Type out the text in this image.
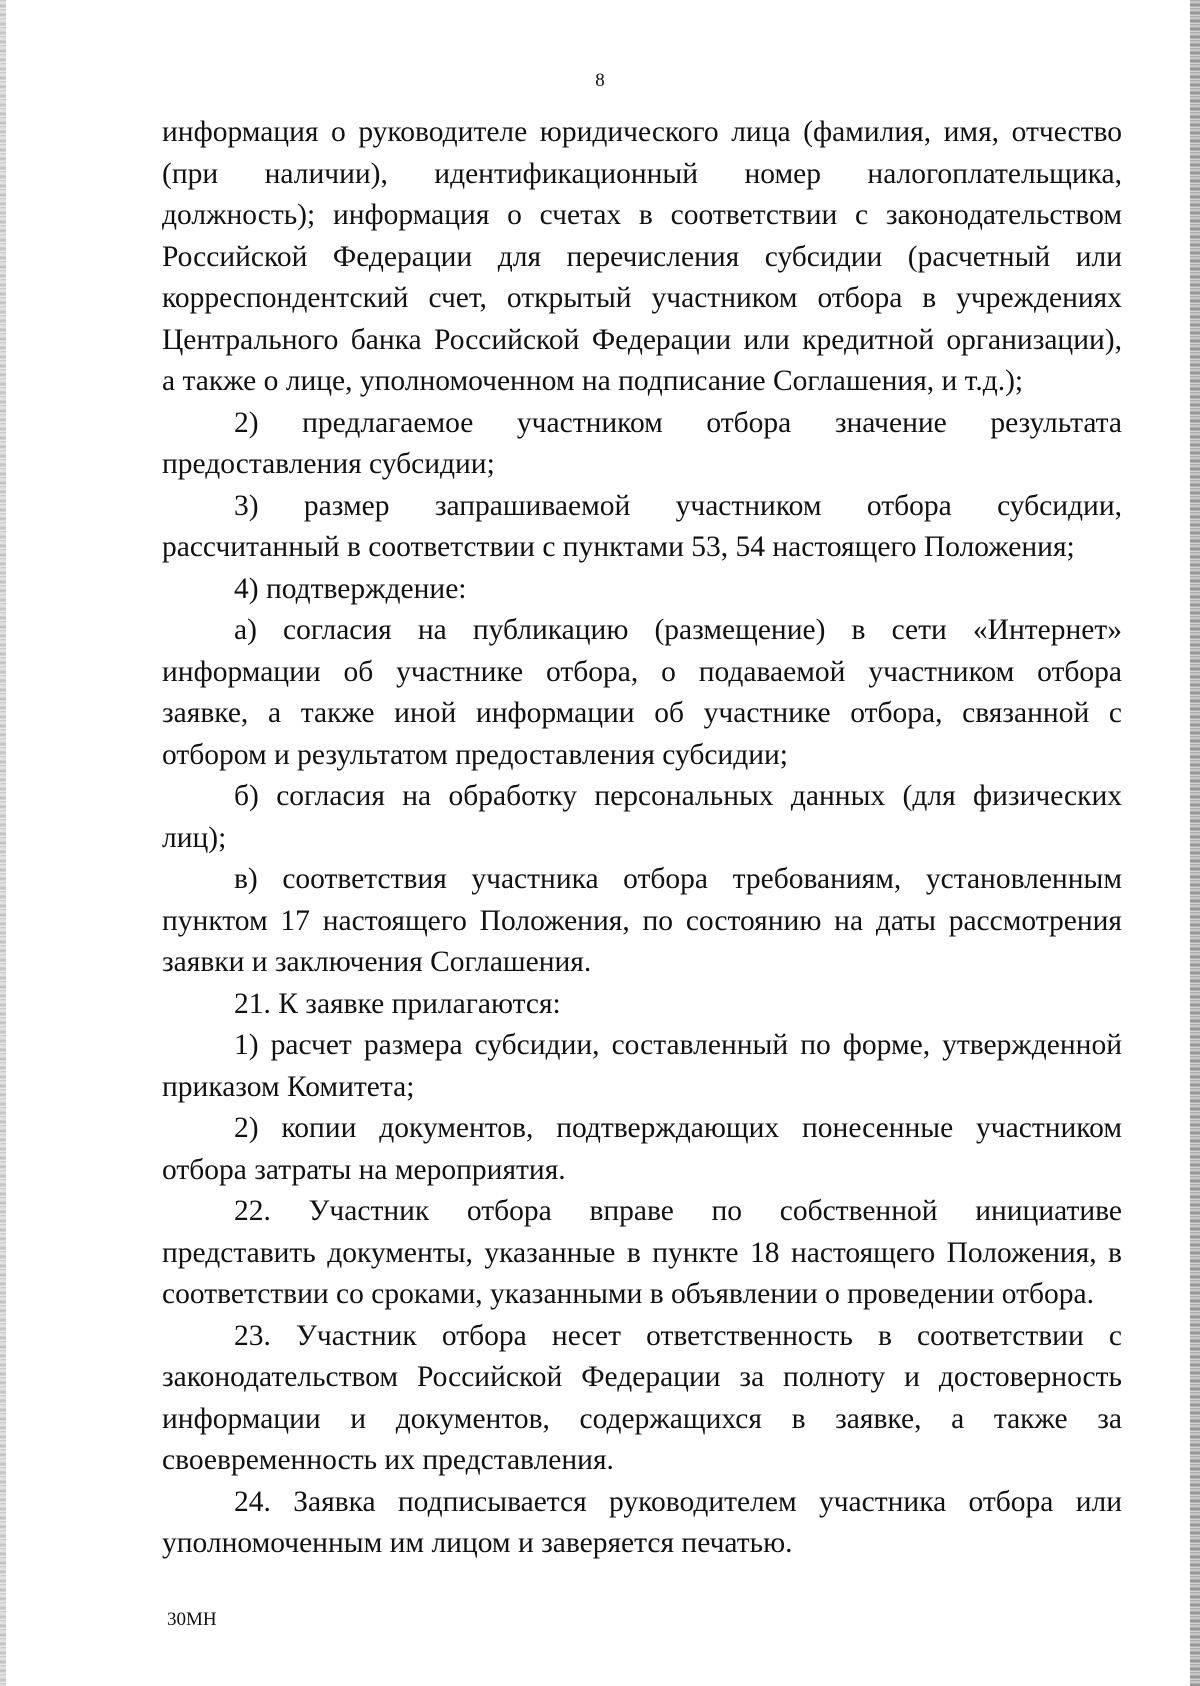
8
информация о руководителе юридического лица (фамилия, имя, отчество
(при наличии), идентификационный номер налогоплательщика,
должность); информация о счетах в соответствии с законодательством
Российской Федерации для перечисления субсидии (расчетный или
корреспондентский счет, открытый участником отбора в учреждениях
Центрального банка Российской Федерации или кредитной организации),
а также о лице, уполномоченном на подписание Соглашения, и т.д.);
2) предлагаемое участником отбора значение результата
предоставления субсидии;
3) размер запрашиваемой участником отбора субсидии,
рассчитанный в соответствии с пунктами 53, 54 настоящего Положения;
4) подтверждение:
а) согласия на публикацию (размещение) в сети «Интернет»
информации об участнике отбора, о подаваемой участником отбора
заявке, а также иной информации об участнике отбора, связанной с
отбором и результатом предоставления субсидии;
б) согласия на обработку персональных данных (для физических
лиц);
в) соответствия участника отбора требованиям, установленным
пунктом 17 настоящего Положения, по состоянию на даты рассмотрения
заявки и заключения Соглашения.
21. К заявке прилагаются:
1) расчет размера субсидии, составленный по форме, утвержденной
приказом Комитета;
2) копии документов, подтверждающих понесенные участником
отбора затраты на мероприятия.
22. Участник отбора вправе по собственной инициативе
представить документы, указанные в пункте 18 настоящего Положения, в
соответствии со сроками, указанными в объявлении о проведении отбора.
23. Участник отбора несет ответственность в соответствии с
законодательством Российской Федерации за полноту и достоверность
информации и документов, содержащихся в заявке, а также за
своевременность их представления.
24. Заявка подписывается руководителем участника отбора или
уполномоченным им лицом и заверяется печатью.
30МН
